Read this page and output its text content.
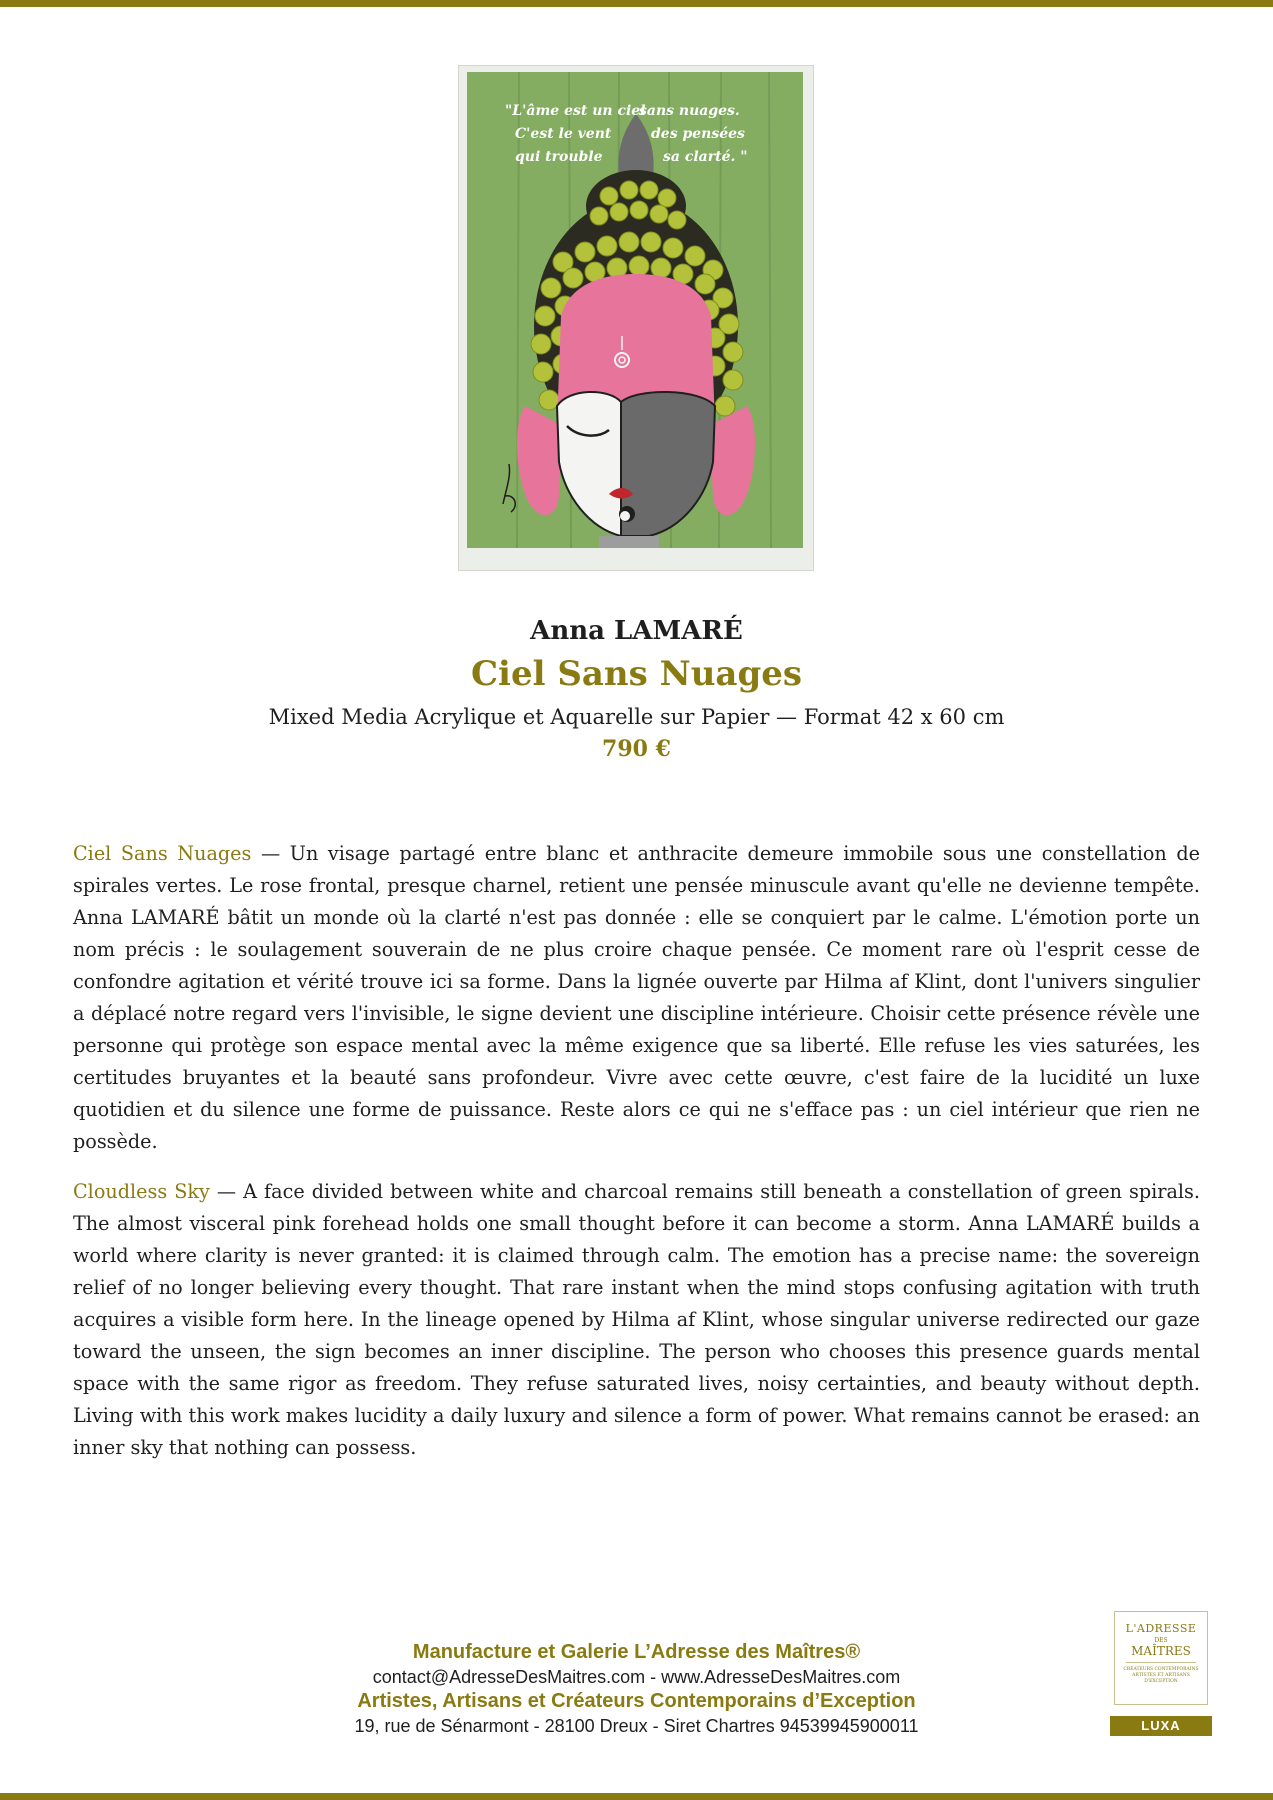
"L'âme est un ciel
sans nuages.
C'est le vent	des pensées
qui trouble	sa clarté. "
Anna LAMARÉ
Ciel Sans Nuages

Mixed Media Acrylique et Aquarelle sur Papier — Format 42 x 60 cm

790 €

Ciel Sans Nuages — Un visage partagé entre blanc et anthracite demeure immobile sous une constellation de spirales vertes. Le rose frontal, presque charnel, retient une pensée minuscule avant qu'elle ne devienne tempête. Anna LAMARÉ bâtit un monde où la clarté n'est pas donnée : elle se conquiert par le calme. L'émotion porte un nom précis : le soulagement souverain de ne plus croire chaque pensée. Ce moment rare où l'esprit cesse de confondre agitation et vérité trouve ici sa forme. Dans la lignée ouverte par Hilma af Klint, dont l'univers singulier a déplacé notre regard vers l'invisible, le signe devient une discipline intérieure. Choisir cette présence révèle une personne qui protège son espace mental avec la même exigence que sa liberté. Elle refuse les vies saturées, les certitudes bruyantes et la beauté sans profondeur. Vivre avec cette œuvre, c'est faire de la lucidité un luxe quotidien et du silence une forme de puissance. Reste alors ce qui ne s'efface pas : un ciel intérieur que rien ne possède.

Cloudless Sky — A face divided between white and charcoal remains still beneath a constellation of green spirals. The almost visceral pink forehead holds one small thought before it can become a storm. Anna LAMARÉ builds a world where clarity is never granted: it is claimed through calm. The emotion has a precise name: the sovereign relief of no longer believing every thought. That rare instant when the mind stops confusing agitation with truth acquires a visible form here. In the lineage opened by Hilma af Klint, whose singular universe redirected our gaze toward the unseen, the sign becomes an inner discipline. The person who chooses this presence guards mental space with the same rigor as freedom. They refuse saturated lives, noisy certainties, and beauty without depth. Living with this work makes lucidity a daily luxury and silence a form of power. What remains cannot be erased: an inner sky that nothing can possess.

Manufacture et Galerie L’Adresse des Maîtres®

contact@AdresseDesMaitres.com - www.AdresseDesMaitres.com

Artistes, Artisans et Créateurs Contemporains d’Exception

19, rue de Sénarmont - 28100 Dreux - Siret Chartres 94539945900011

L'ADRESSE
DES
MAÎTRES
CRÉATEURS CONTEMPORAINS ARTISTES ET ARTISANS D'EXCEPTION
LUXA
